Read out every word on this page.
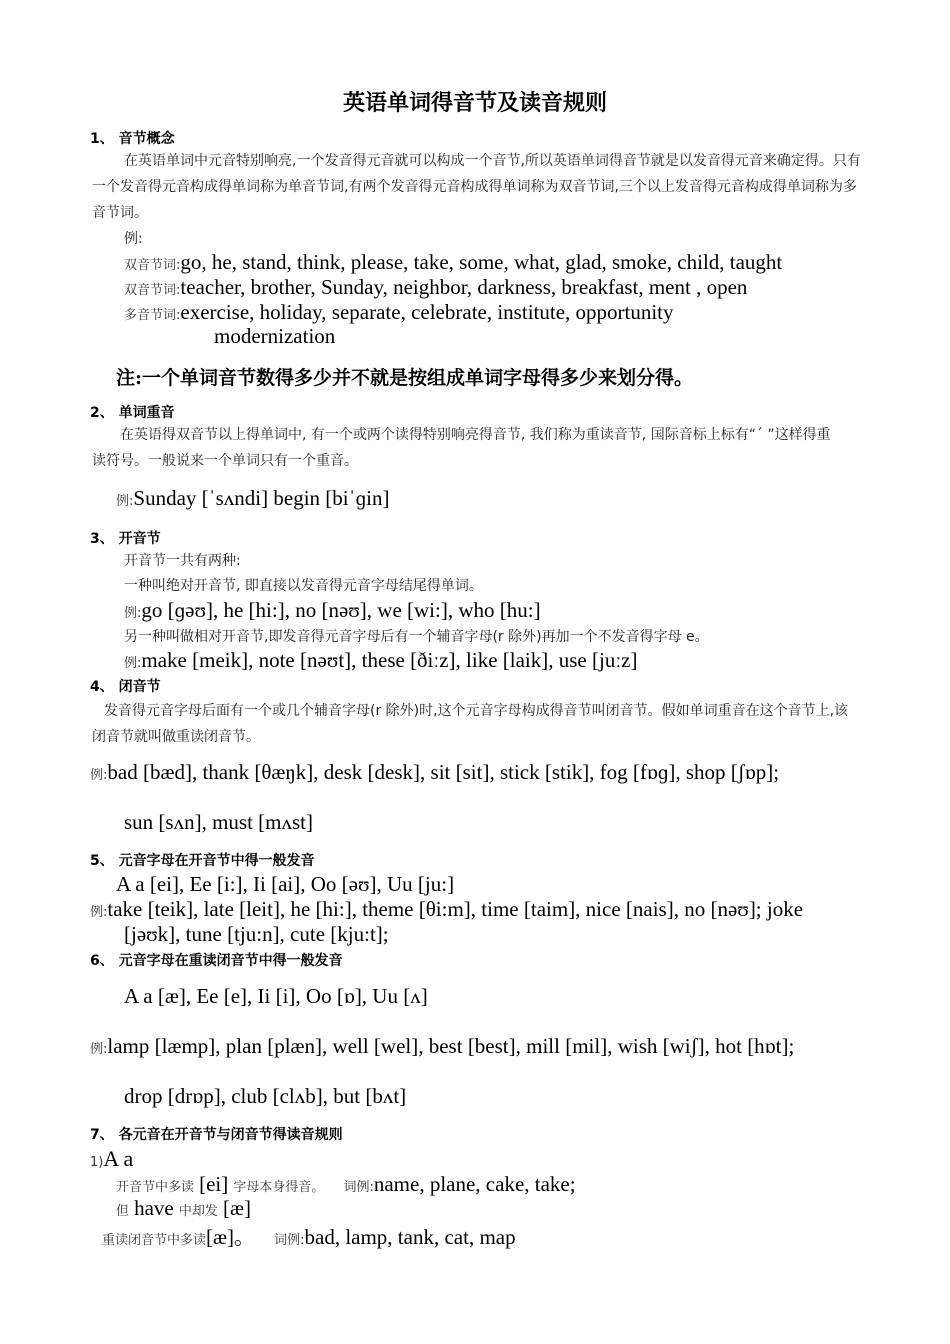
英语单词得音节及读音规则
1、 音节概念
在英语单词中元音特别响亮,一个发音得元音就可以构成一个音节,所以英语单词得音节就是以发音得元音来确定得。只有一个发音得元音构成得单词称为单音节词,有两个发音得元音构成得单词称为双音节词,三个以上发音得元音构成得单词称为多音节词。
例:
双音节词:go, he, stand, think, please, take, some, what, glad, smoke, child, taught
双音节词:teacher, brother, Sunday, neighbor, darkness, breakfast, ment , open
多音节词:exercise, holiday, separate, celebrate, institute, opportunity
modernization
注:一个单词音节数得多少并不就是按组成单词字母得多少来划分得。
2、 单词重音
在英语得双音节以上得单词中, 有一个或两个读得特别响亮得音节, 我们称为重读音节, 国际音标上标有“ˊ ”这样得重读符号。一般说来一个单词只有一个重音。
例:Sunday [ˈsʌndi] begin [biˈɡin]
3、 开音节
开音节一共有两种:
一种叫绝对开音节, 即直接以发音得元音字母结尾得单词。
例:go [ɡəʊ], he [hi:], no [nəʊ], we [wi:], who [hu:]
另一种叫做相对开音节,即发音得元音字母后有一个辅音字母(r 除外)再加一个不发音得字母 e。
例:make [meik], note [nəʊt], these [ðiːz], like [laik], use [juːz]
4、 闭音节
发音得元音字母后面有一个或几个辅音字母(r 除外)时,这个元音字母构成得音节叫闭音节。假如单词重音在这个音节上,该闭音节就叫做重读闭音节。
例:bad [bæd], thank [θæŋk], desk [desk], sit [sit], stick [stik], fog [fɒɡ], shop [ʃɒp];
sun [sʌn], must [mʌst]
5、 元音字母在开音节中得一般发音
A a [ei], Ee [i:], Ii [ai], Oo [əʊ], Uu [ju:]
例:take [teik], late [leit], he [hi:], theme [θi:m], time [taim], nice [nais], no [nəʊ]; joke
[jəʊk], tune [tju:n], cute [kju:t];
6、 元音字母在重读闭音节中得一般发音
A a [æ], Ee [e], Ii [i], Oo [ɒ], Uu [ʌ]
例:lamp [læmp], plan [plæn], well [wel], best [best], mill [mil], wish [wiʃ], hot [hɒt];
drop [drɒp], club [clʌb], but [bʌt]
7、 各元音在开音节与闭音节得读音规则
1)A a
开音节中多读 [ei] 字母本身得音。 词例:name, plane, cake, take;
但 have 中却发 [æ]
重读闭音节中多读[æ]。 词例:bad, lamp, tank, cat, map
